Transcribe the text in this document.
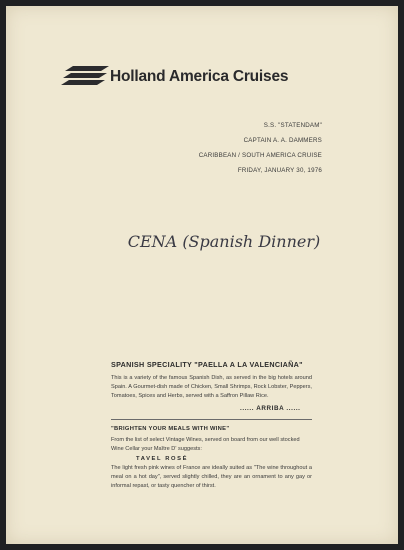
Holland America Cruises
S.S. "STATENDAM"
CAPTAIN A. A. DAMMERS
CARIBBEAN / SOUTH AMERICA CRUISE
FRIDAY, JANUARY 30, 1976
CENA (Spanish Dinner)
SPANISH SPECIALITY "PAELLA A LA VALENCIAÑA"
This is a variety of the famous Spanish Dish, as served in the big hotels around Spain. A Gourmet-dish made of Chicken, Small Shrimps, Rock Lobster, Peppers, Tomatoes, Spices and Herbs, served with a Saffron Pillaw Rice.
...... ARRIBA ......
"BRIGHTEN YOUR MEALS WITH WINE"
From the list of select Vintage Wines, served on board from our well stocked Wine Cellar your Maître D' suggests:
TAVEL ROSÉ
The light fresh pink wines of France are ideally suited as "The wine throughout a meal on a hot day", served slightly chilled, they are an ornament to any gay or informal repast, or tasty quencher of thirst.
